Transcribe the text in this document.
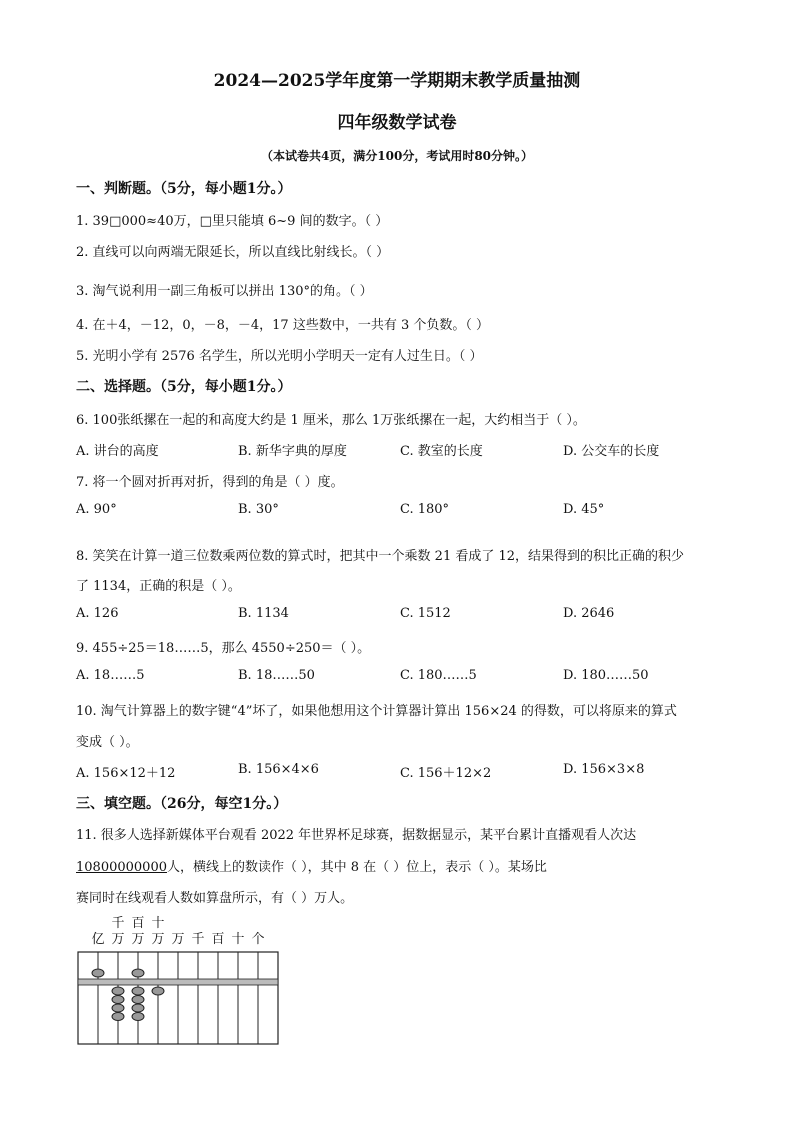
2024—2025学年度第一学期期末教学质量抽测
四年级数学试卷
（本试卷共4页，满分100分，考试用时80分钟。）
一、判断题。（5分，每小题1分。）
1. 39□000≈40万，□里只能填 6~9 间的数字。（ ）
2. 直线可以向两端无限延长，所以直线比射线长。（ ）
3. 淘气说利用一副三角板可以拼出 130°的角。（ ）
4. 在＋4，－12，0，－8，－4，17 这些数中，一共有 3 个负数。（ ）
5. 光明小学有 2576 名学生，所以光明小学明天一定有人过生日。（ ）
二、选择题。（5分，每小题1分。）
6. 100张纸摞在一起的和高度大约是 1 厘米，那么 1万张纸摞在一起，大约相当于（ ）。
A. 讲台的高度	B. 新华字典的厚度	C. 教室的长度	D. 公交车的长度
7. 将一个圆对折再对折，得到的角是（ ）度。
A. 90°	B. 30°	C. 180°	D. 45°
8. 笑笑在计算一道三位数乘两位数的算式时，把其中一个乘数 21 看成了 12，结果得到的积比正确的积少
了 1134，正确的积是（ ）。
A. 126	B. 1134	C. 1512	D. 2646
9. 455÷25＝18……5，那么 4550÷250＝（ ）。
A. 18……5	B. 18……50	C. 180……5	D. 180……50
10. 淘气计算器上的数字键“4”坏了，如果他想用这个计算器计算出 156×24 的得数，可以将原来的算式
变成（ ）。
A. 156×12＋12	B. 156×4×6	C. 156＋12×2	D. 156×3×8
三、填空题。（26分，每空1分。）
11. 很多人选择新媒体平台观看 2022 年世界杯足球赛，据数据显示，某平台累计直播观看人次达
10800000000人，横线上的数读作（ ），其中 8 在（ ）位上，表示（ ）。某场比
赛同时在线观看人数如算盘所示，有（ ）万人。
亿 万 万 万 万 千 百 十 个
千 百 十
